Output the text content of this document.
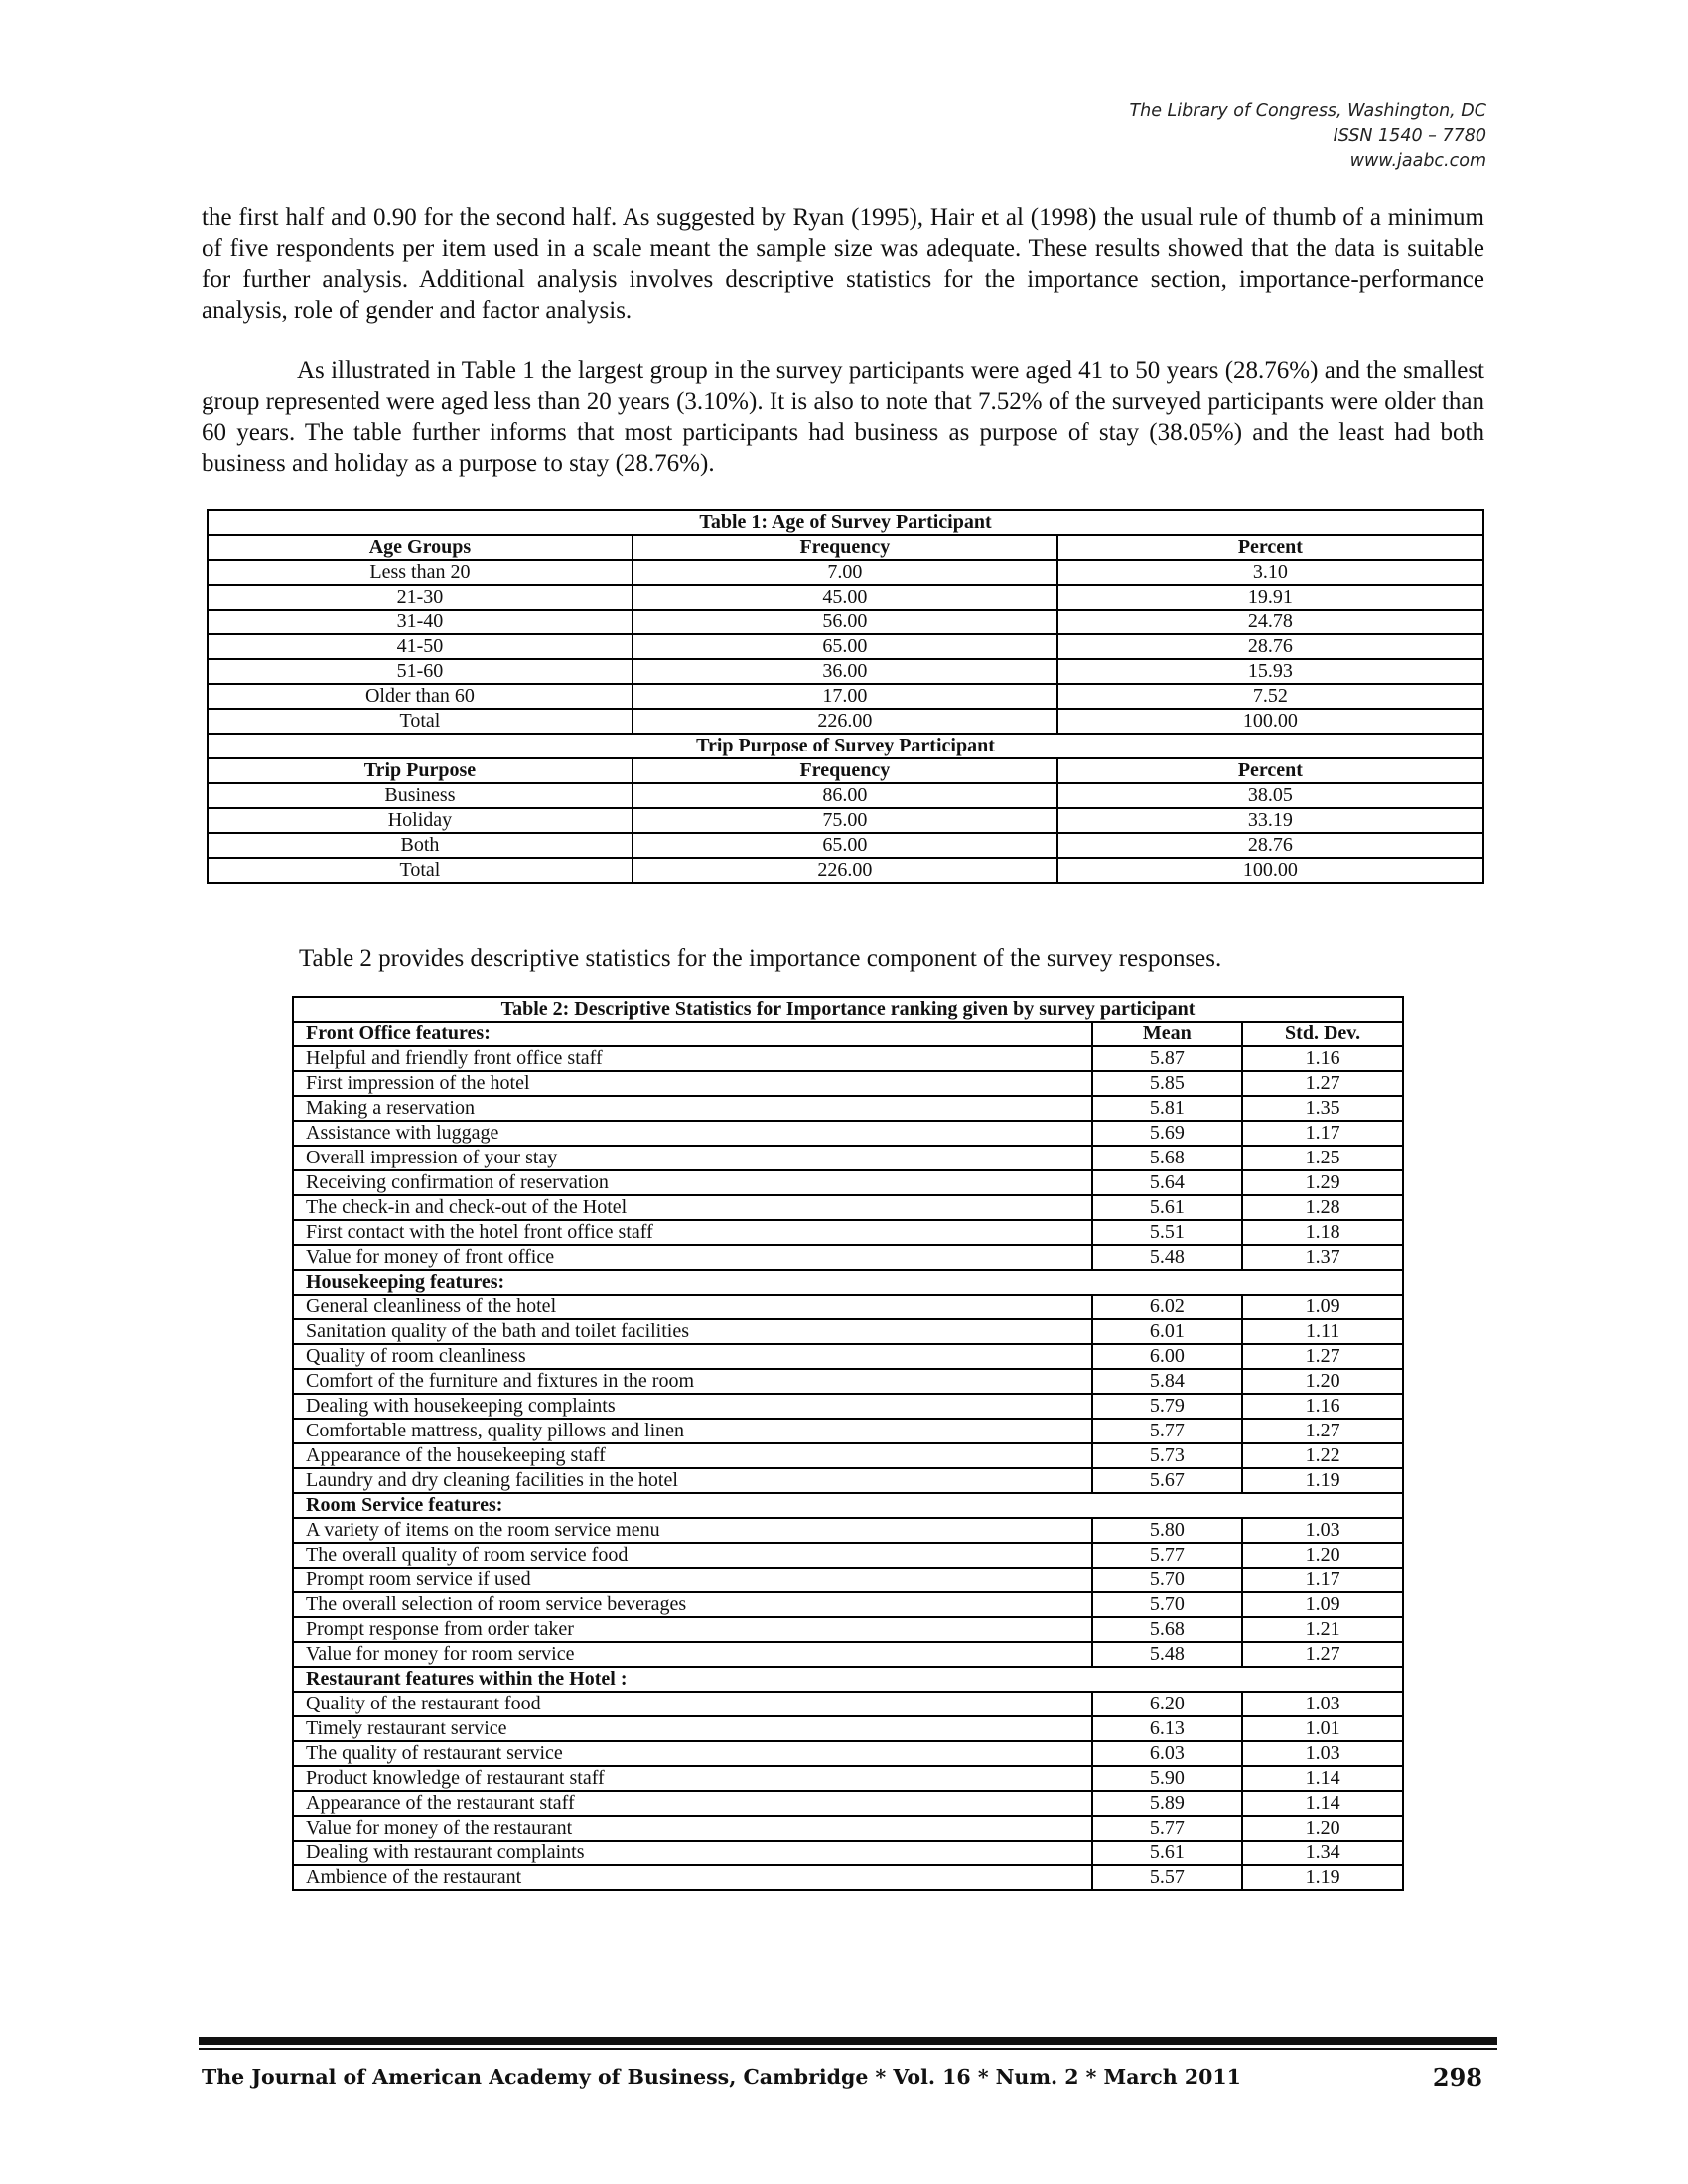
The Library of Congress, Washington, DC
ISSN 1540 – 7780
www.jaabc.com
the first half and 0.90 for the second half. As suggested by Ryan (1995), Hair et al (1998) the usual rule of thumb of a minimum of five respondents per item used in a scale meant the sample size was adequate. These results showed that the data is suitable for further analysis. Additional analysis involves descriptive statistics for the importance section, importance-performance analysis, role of gender and factor analysis.
As illustrated in Table 1 the largest group in the survey participants were aged 41 to 50 years (28.76%) and the smallest group represented were aged less than 20 years (3.10%). It is also to note that 7.52% of the surveyed participants were older than 60 years. The table further informs that most participants had business as purpose of stay (38.05%) and the least had both business and holiday as a purpose to stay (28.76%).
Table 1: Age of Survey Participant		
Age Groups	Frequency	Percent
Less than 20	7.00	3.10
21-30	45.00	19.91
31-40	56.00	24.78
41-50	65.00	28.76
51-60	36.00	15.93
Older than 60	17.00	7.52
Total	226.00	100.00
Trip Purpose of Survey Participant		
Trip Purpose	Frequency	Percent
Business	86.00	38.05
Holiday	75.00	33.19
Both	65.00	28.76
Total	226.00	100.00
Table 2 provides descriptive statistics for the importance component of the survey responses.
Table 2: Descriptive Statistics for Importance ranking given by survey participant		
Front Office features:	Mean	Std. Dev.
Helpful and friendly front office staff	5.87	1.16
First impression of the hotel	5.85	1.27
Making a reservation	5.81	1.35
Assistance with luggage	5.69	1.17
Overall impression of your stay	5.68	1.25
Receiving confirmation of reservation	5.64	1.29
The check-in and check-out of the Hotel	5.61	1.28
First contact with the hotel front office staff	5.51	1.18
Value for money of front office	5.48	1.37
Housekeeping features:		
General cleanliness of the hotel	6.02	1.09
Sanitation quality of the bath and toilet facilities	6.01	1.11
Quality of room cleanliness	6.00	1.27
Comfort of the furniture and fixtures in the room	5.84	1.20
Dealing with housekeeping complaints	5.79	1.16
Comfortable mattress, quality pillows and linen	5.77	1.27
Appearance of the housekeeping staff	5.73	1.22
Laundry and dry cleaning facilities in the hotel	5.67	1.19
Room Service features:		
A variety of items on the room service menu	5.80	1.03
The overall quality of room service food	5.77	1.20
Prompt room service if used	5.70	1.17
The overall selection of room service beverages	5.70	1.09
Prompt response from order taker	5.68	1.21
Value for money for room service	5.48	1.27
Restaurant features within the Hotel :		
Quality of the restaurant food	6.20	1.03
Timely restaurant service	6.13	1.01
The quality of restaurant service	6.03	1.03
Product knowledge of restaurant staff	5.90	1.14
Appearance of the restaurant staff	5.89	1.14
Value for money of the restaurant	5.77	1.20
Dealing with restaurant complaints	5.61	1.34
Ambience of the restaurant	5.57	1.19
The Journal of American Academy of Business, Cambridge * Vol. 16 * Num. 2 * March 2011	298
